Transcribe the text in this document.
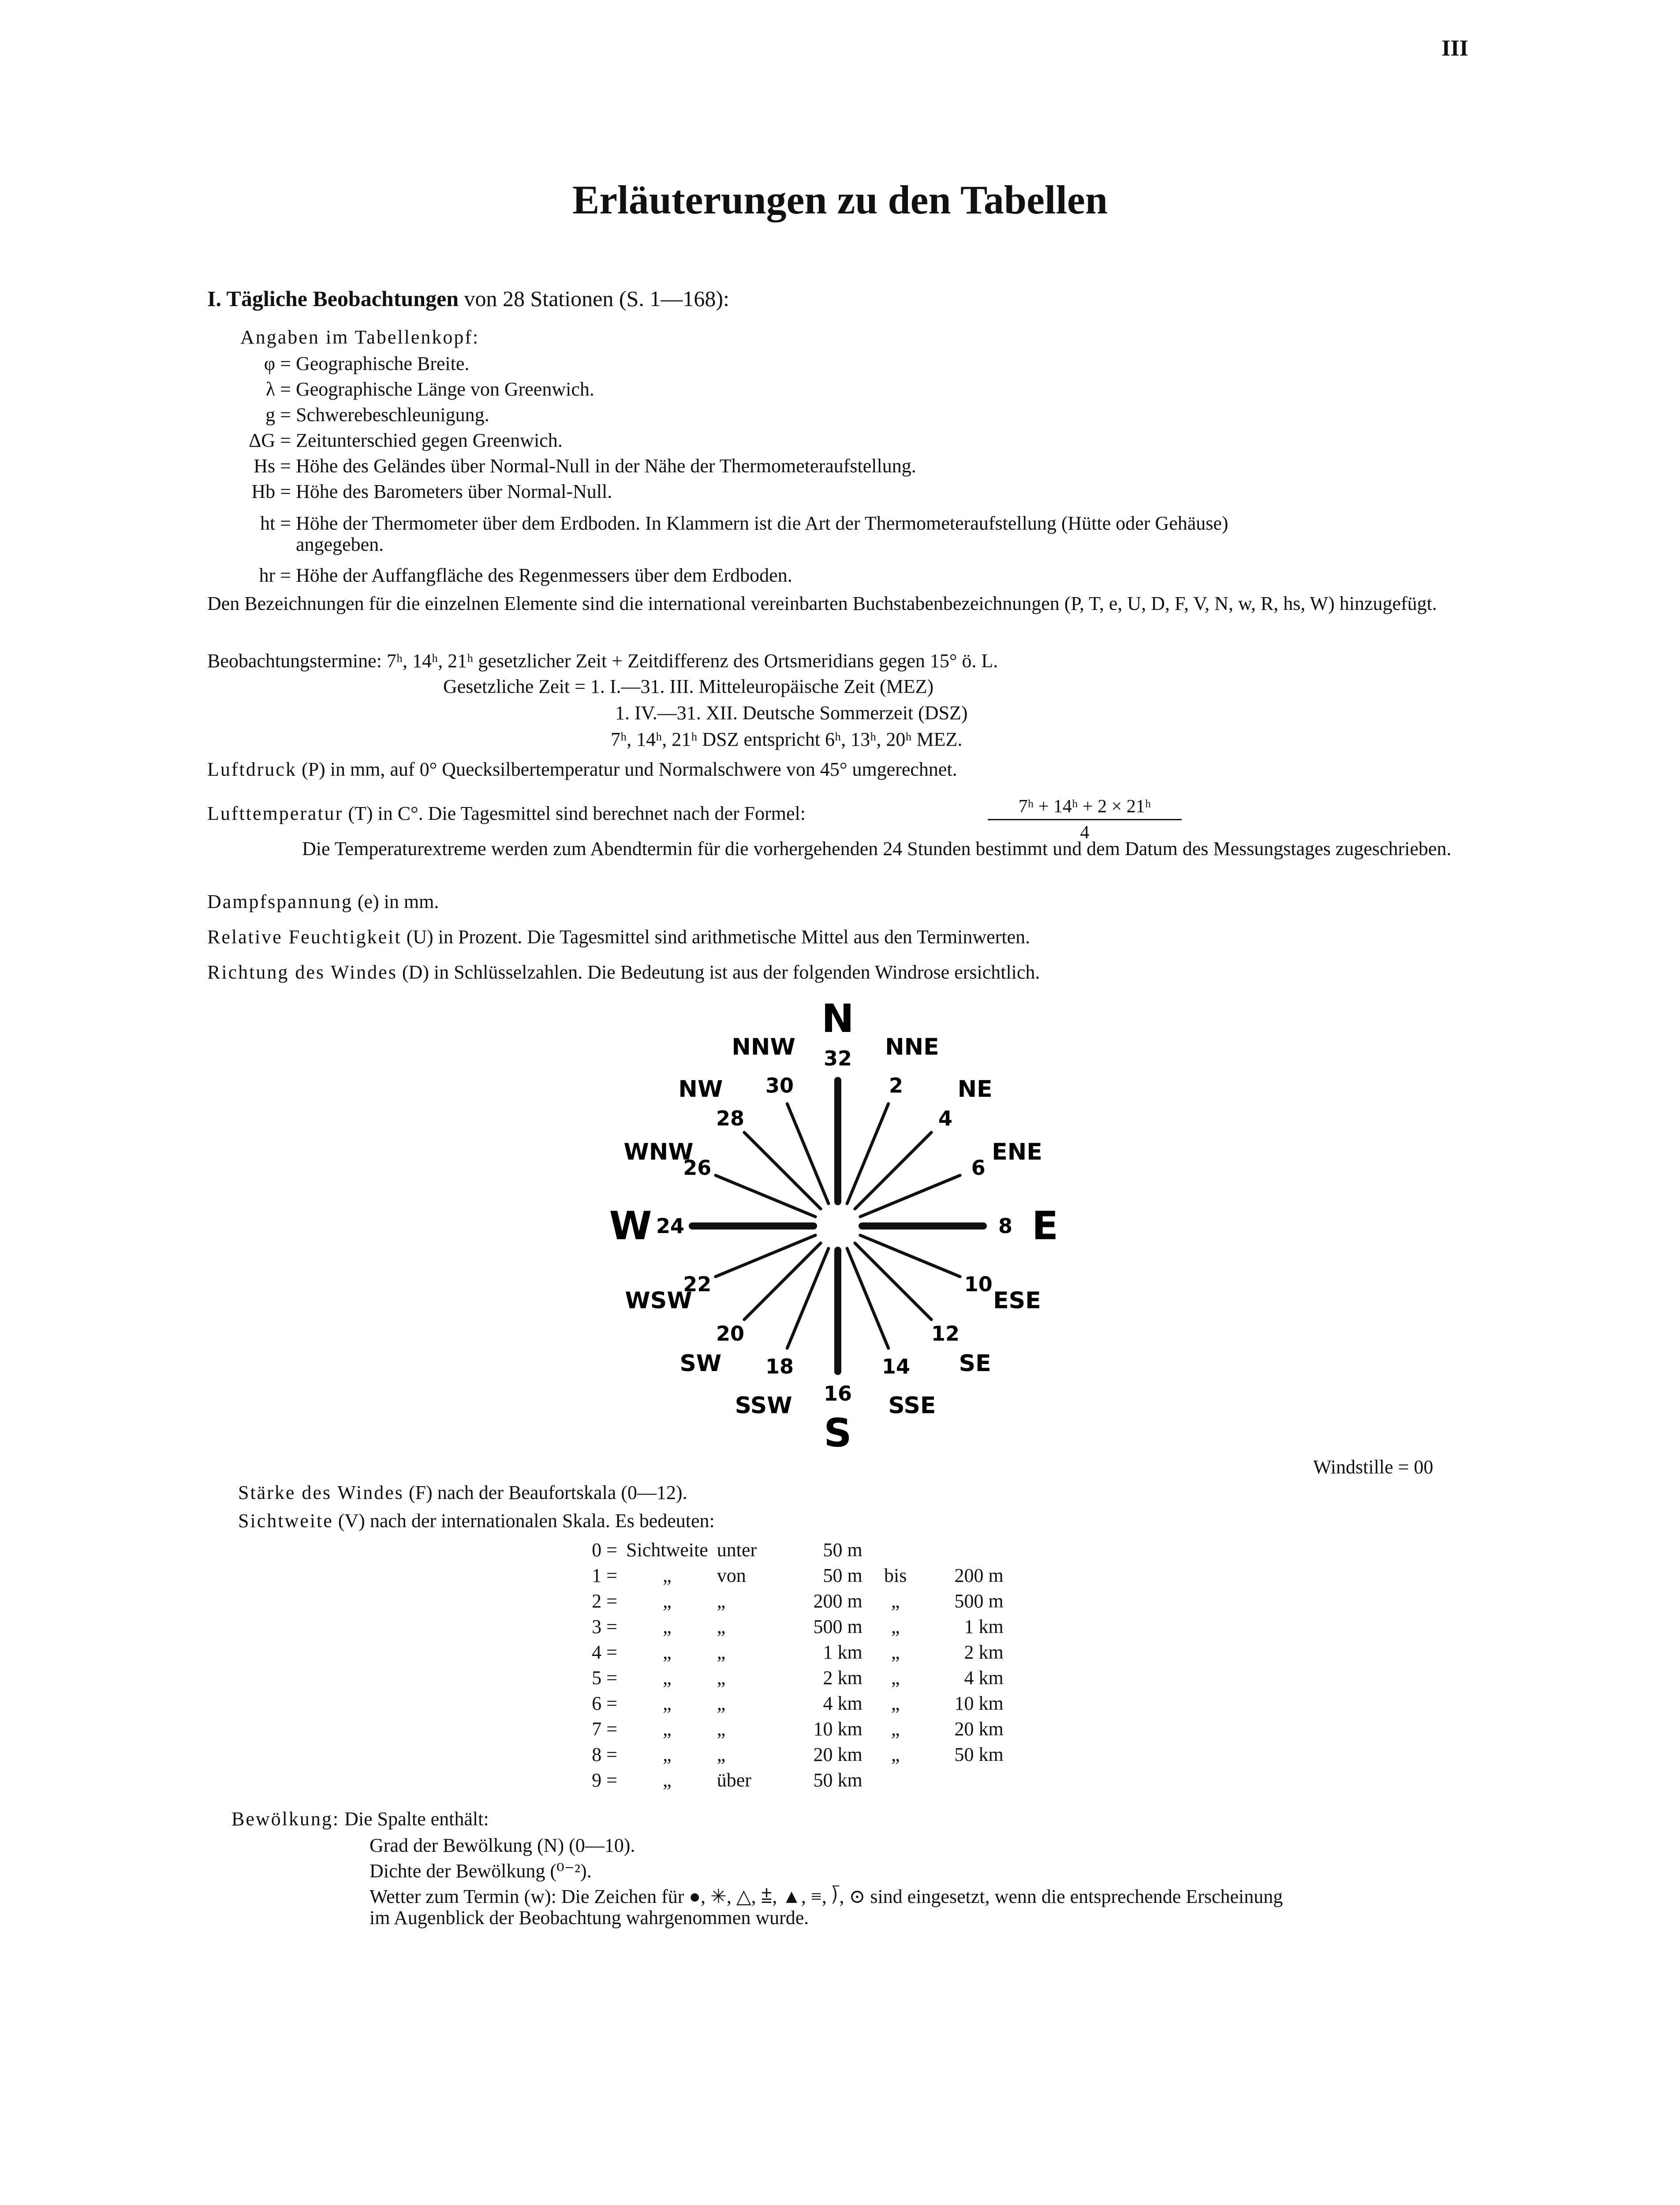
III
Erläuterungen zu den Tabellen
I. Tägliche Beobachtungen von 28 Stationen (S. 1—168):
Angaben im Tabellenkopf:
φ = Geographische Breite.
λ = Geographische Länge von Greenwich.
g = Schwerebeschleunigung.
ΔG = Zeitunterschied gegen Greenwich.
Hs = Höhe des Geländes über Normal-Null in der Nähe der Thermometeraufstellung.
Hb = Höhe des Barometers über Normal-Null.
ht = Höhe der Thermometer über dem Erdboden. In Klammern ist die Art der Thermometeraufstellung (Hütte oder Gehäuse)
angegeben.
hr = Höhe der Auffangfläche des Regenmessers über dem Erdboden.
Den Bezeichnungen für die einzelnen Elemente sind die international vereinbarten Buchstabenbezeichnungen (P, T, e, U, D, F, V, N, w, R, hs, W) hinzugefügt.
Beobachtungstermine: 7ʰ, 14ʰ, 21ʰ gesetzlicher Zeit + Zeitdifferenz des Ortsmeridians gegen 15° ö. L.
Gesetzliche Zeit = 1. I.—31. III. Mitteleuropäische Zeit (MEZ)
1. IV.—31. XII. Deutsche Sommerzeit (DSZ)
7ʰ, 14ʰ, 21ʰ DSZ entspricht 6ʰ, 13ʰ, 20ʰ MEZ.
Luftdruck (P) in mm, auf 0° Quecksilbertemperatur und Normalschwere von 45° umgerechnet.
Lufttemperatur (T) in C°. Die Tagesmittel sind berechnet nach der Formel:	$\frac{\text{7ʰ + 14ʰ + 2 × 21ʰ}}{4}$
Die Temperaturextreme werden zum Abendtermin für die vorhergehenden 24 Stunden bestimmt und dem Datum des Messungstages zugeschrieben.
Dampfspannung (e) in mm.
Relative Feuchtigkeit (U) in Prozent. Die Tagesmittel sind arithmetische Mittel aus den Terminwerten.
Richtung des Windes (D) in Schlüsselzahlen. Die Bedeutung ist aus der folgenden Windrose ersichtlich.
32
N
2
NNE
4
NE
6
ENE
8 E
10
ESE
12
SE
14
SSE
16
S
18
SSW
20
SW
22
WSW
24
W
26
WNW
28
NW 30
NNW
Windstille = 00
Stärke des Windes (F) nach der Beaufortskala (0—12).
Sichtweite (V) nach der internationalen Skala. Es bedeuten:
0 =	Sichtweite	unter	50 m		
1 =	„	von	50 m	bis	200 m
2 =	„	„	200 m	„	500 m
3 =	„	„	500 m	„	1 km
4 =	„	„	1 km	„	2 km
5 =	„	„	2 km	„	4 km
6 =	„	„	4 km	„	10 km
7 =	„	„	10 km	„	20 km
8 =	„	„	20 km	„	50 km
9 =	„	über	50 km		
Bewölkung: Die Spalte enthält:
Grad der Bewölkung (N) (0—10).
Dichte der Bewölkung (⁰⁻²).
Wetter zum Termin (w): Die Zeichen für ●, ✳, △, ⩲, ▲, ≡, ⟌, ⊙ sind eingesetzt, wenn die entsprechende Erscheinung
im Augenblick der Beobachtung wahrgenommen wurde.
